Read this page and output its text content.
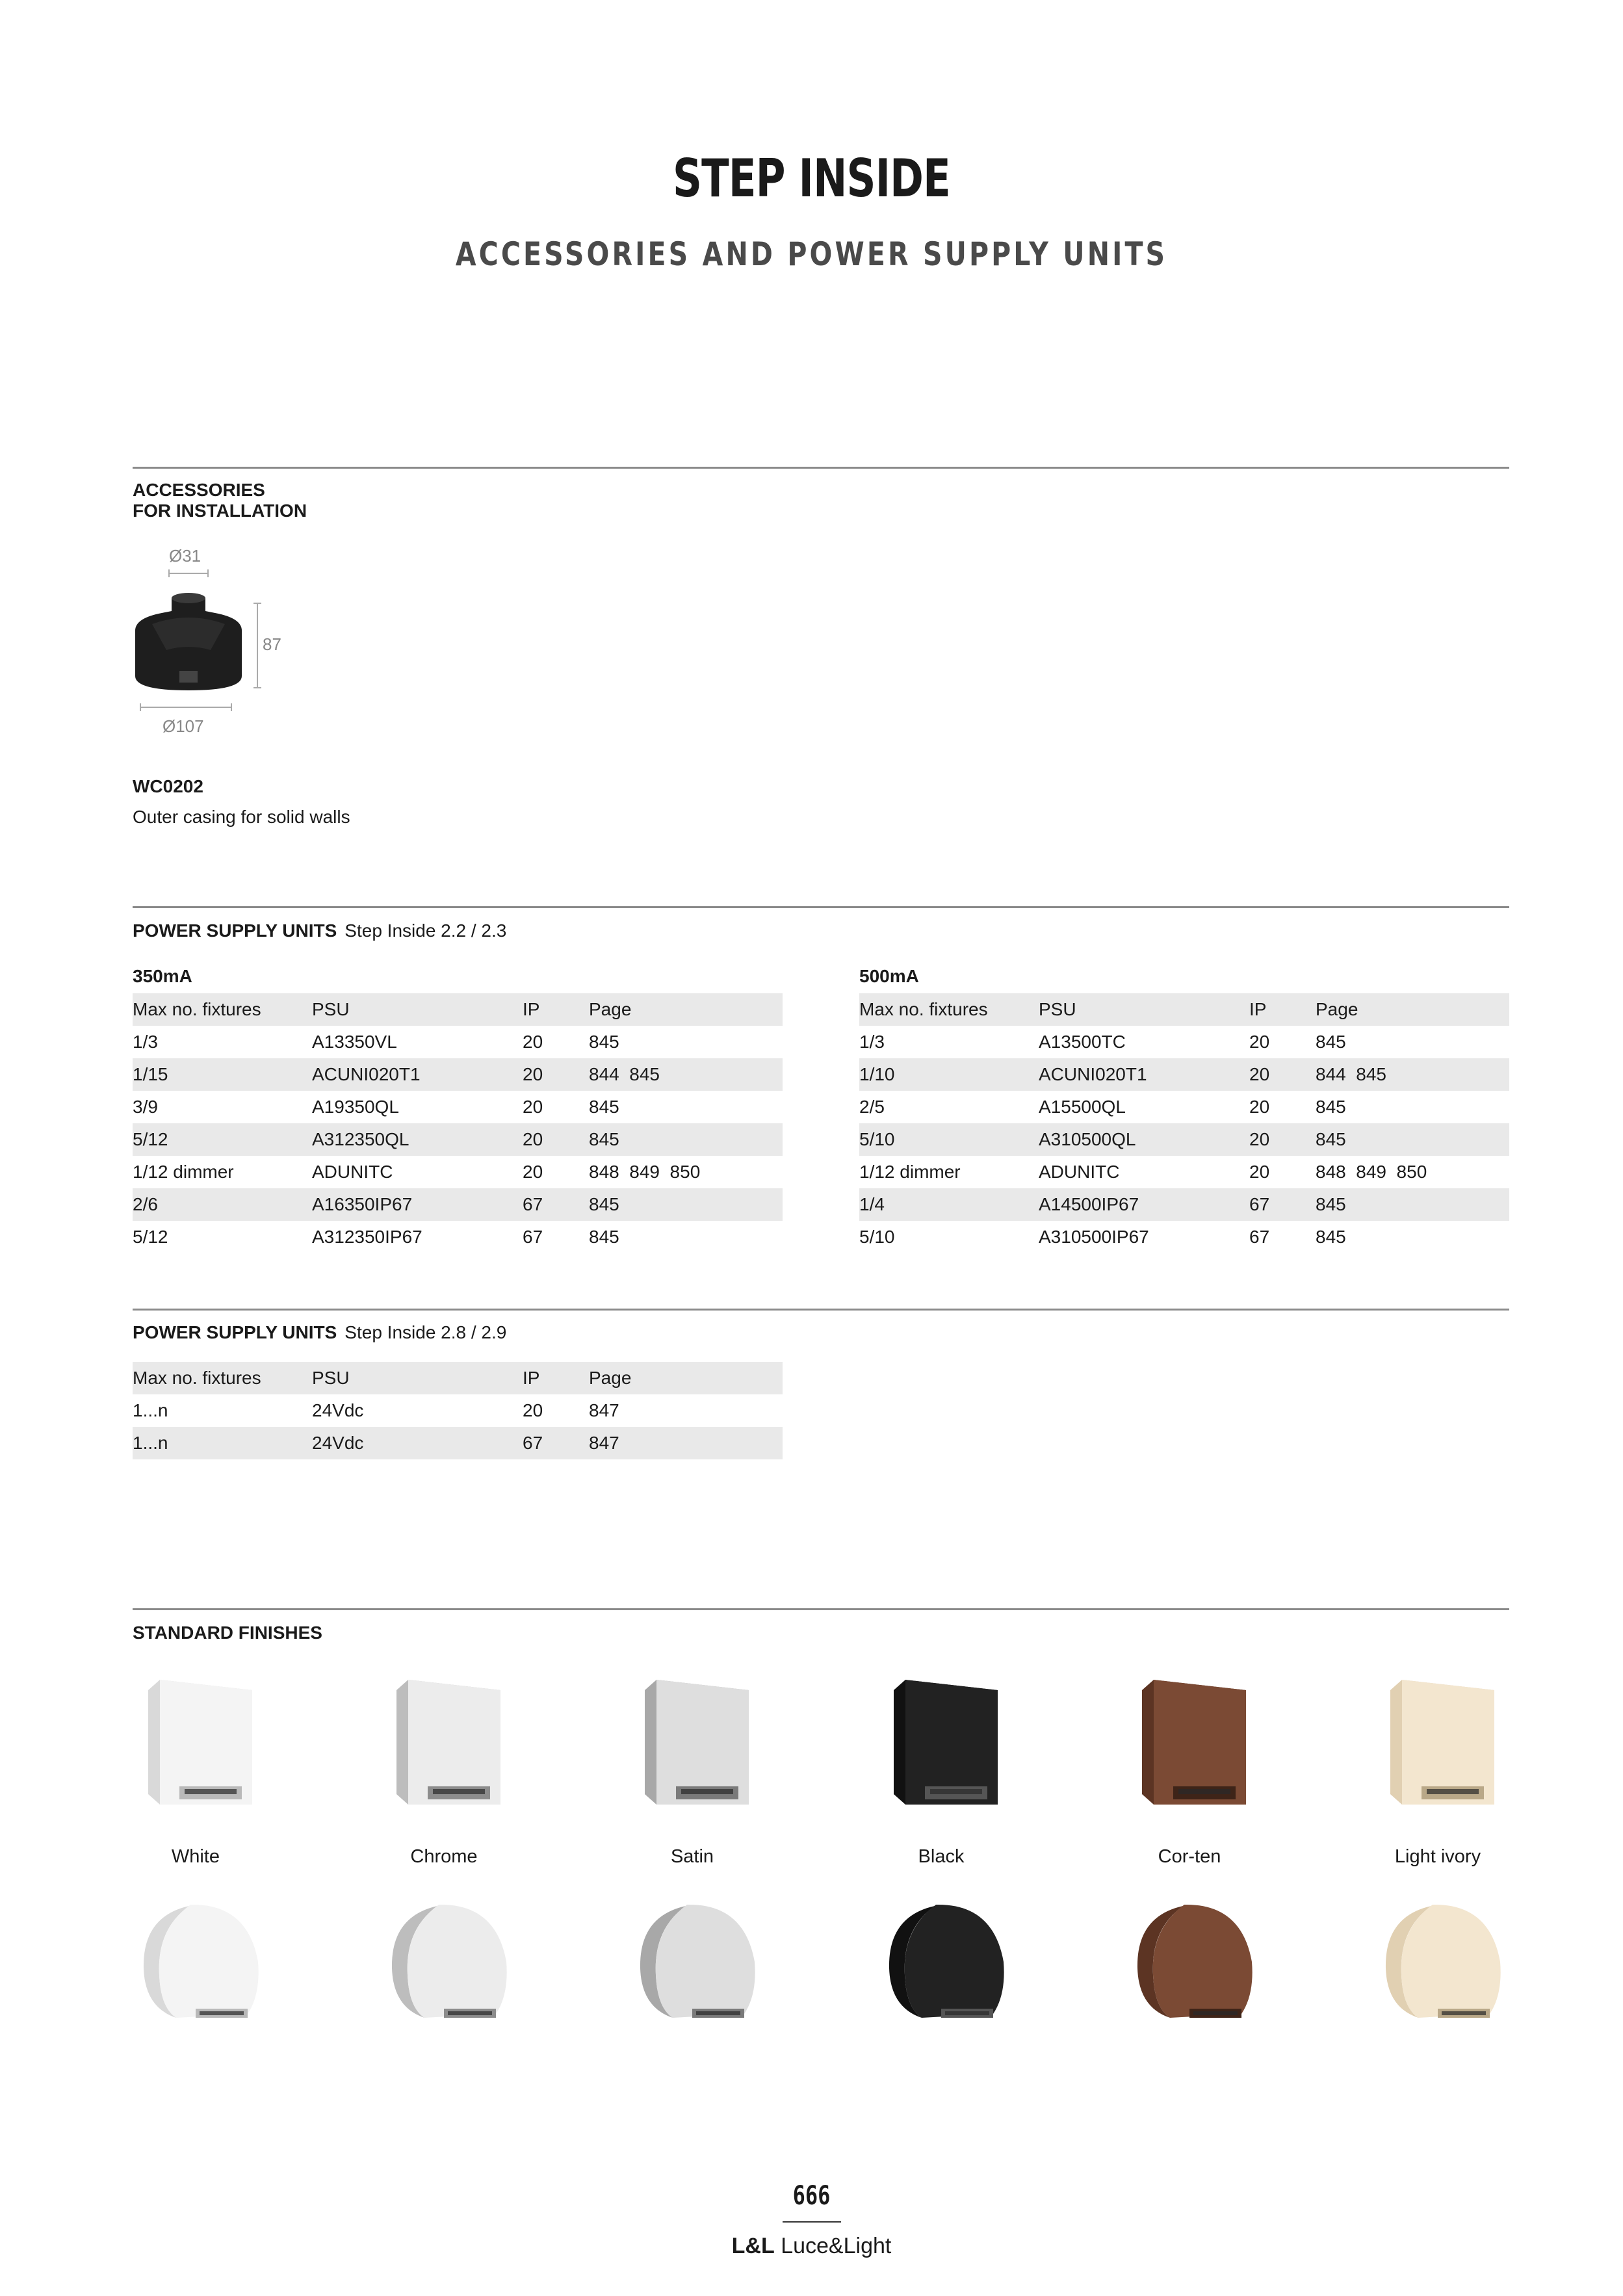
STEP INSIDE
ACCESSORIES AND POWER SUPPLY UNITS
ACCESSORIES
FOR INSTALLATION
Ø31
87
Ø107
WC0202
Outer casing for solid walls
POWER SUPPLY UNITS Step Inside 2.2 / 2.3
350mA
Max no. fixtures	PSU	IP	Page
1/3	A13350VL	20	845
1/15	ACUNI020T1	20	844  845
3/9	A19350QL	20	845
5/12	A312350QL	20	845
1/12 dimmer	ADUNITC	20	848  849  850
2/6	A16350IP67	67	845
5/12	A312350IP67	67	845
500mA
Max no. fixtures	PSU	IP	Page
1/3	A13500TC	20	845
1/10	ACUNI020T1	20	844  845
2/5	A15500QL	20	845
5/10	A310500QL	20	845
1/12 dimmer	ADUNITC	20	848  849  850
1/4	A14500IP67	67	845
5/10	A310500IP67	67	845
POWER SUPPLY UNITS Step Inside 2.8 / 2.9
Max no. fixtures	PSU	IP	Page
1...n	24Vdc	20	847
1...n	24Vdc	67	847
STANDARD FINISHES
White	Chrome	Satin	Black	Cor-ten	Light ivory
666
L&L Luce&Light
